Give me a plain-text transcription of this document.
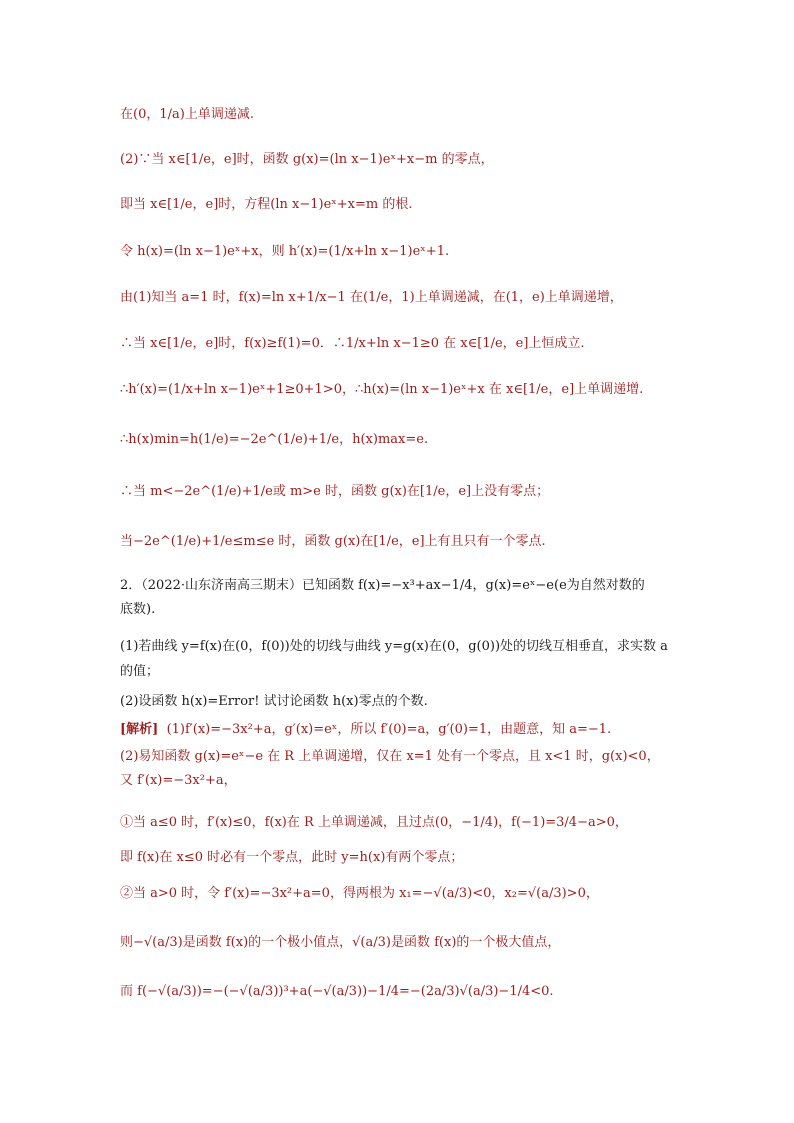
在(0，1/a)上单调递减.
(2)∵当 x∈[1/e，e]时，函数 g(x)=(ln x−1)eˣ+x−m 的零点，
即当 x∈[1/e，e]时，方程(ln x−1)eˣ+x=m 的根.
令 h(x)=(ln x−1)eˣ+x，则 h′(x)=(1/x+ln x−1)eˣ+1.
由(1)知当 a=1 时，f(x)=ln x+1/x−1 在(1/e，1)上单调递减，在(1，e)上单调递增，
∴当 x∈[1/e，e]时，f(x)≥f(1)=0．∴1/x+ln x−1≥0 在 x∈[1/e，e]上恒成立.
∴h′(x)=(1/x+ln x−1)eˣ+1≥0+1>0，∴h(x)=(ln x−1)eˣ+x 在 x∈[1/e，e]上单调递增.
∴h(x)min=h(1/e)=−2e^(1/e)+1/e，h(x)max=e.
∴当 m<−2e^(1/e)+1/e或 m>e 时，函数 g(x)在[1/e，e]上没有零点；
当−2e^(1/e)+1/e≤m≤e 时，函数 g(x)在[1/e，e]上有且只有一个零点.
2．（2022·山东济南高三期末）已知函数 f(x)=−x³+ax−1/4，g(x)=eˣ−e(e为自然对数的
底数).
(1)若曲线 y=f(x)在(0，f(0))处的切线与曲线 y=g(x)在(0，g(0))处的切线互相垂直，求实数 a
的值；
(2)设函数 h(x)=Error! 试讨论函数 h(x)零点的个数.
[解析] (1)f′(x)=−3x²+a，g′(x)=eˣ，所以 f′(0)=a，g′(0)=1，由题意，知 a=−1.
(2)易知函数 g(x)=eˣ−e 在 R 上单调递增，仅在 x=1 处有一个零点，且 x<1 时，g(x)<0，
又 f′(x)=−3x²+a，
①当 a≤0 时，f′(x)≤0，f(x)在 R 上单调递减，且过点(0，−1/4)，f(−1)=3/4−a>0，
即 f(x)在 x≤0 时必有一个零点，此时 y=h(x)有两个零点；
②当 a>0 时，令 f′(x)=−3x²+a=0，得两根为 x₁=−√(a/3)<0，x₂=√(a/3)>0，
则−√(a/3)是函数 f(x)的一个极小值点，√(a/3)是函数 f(x)的一个极大值点，
而 f(−√(a/3))=−(−√(a/3))³+a(−√(a/3))−1/4=−(2a/3)√(a/3)−1/4<0.
